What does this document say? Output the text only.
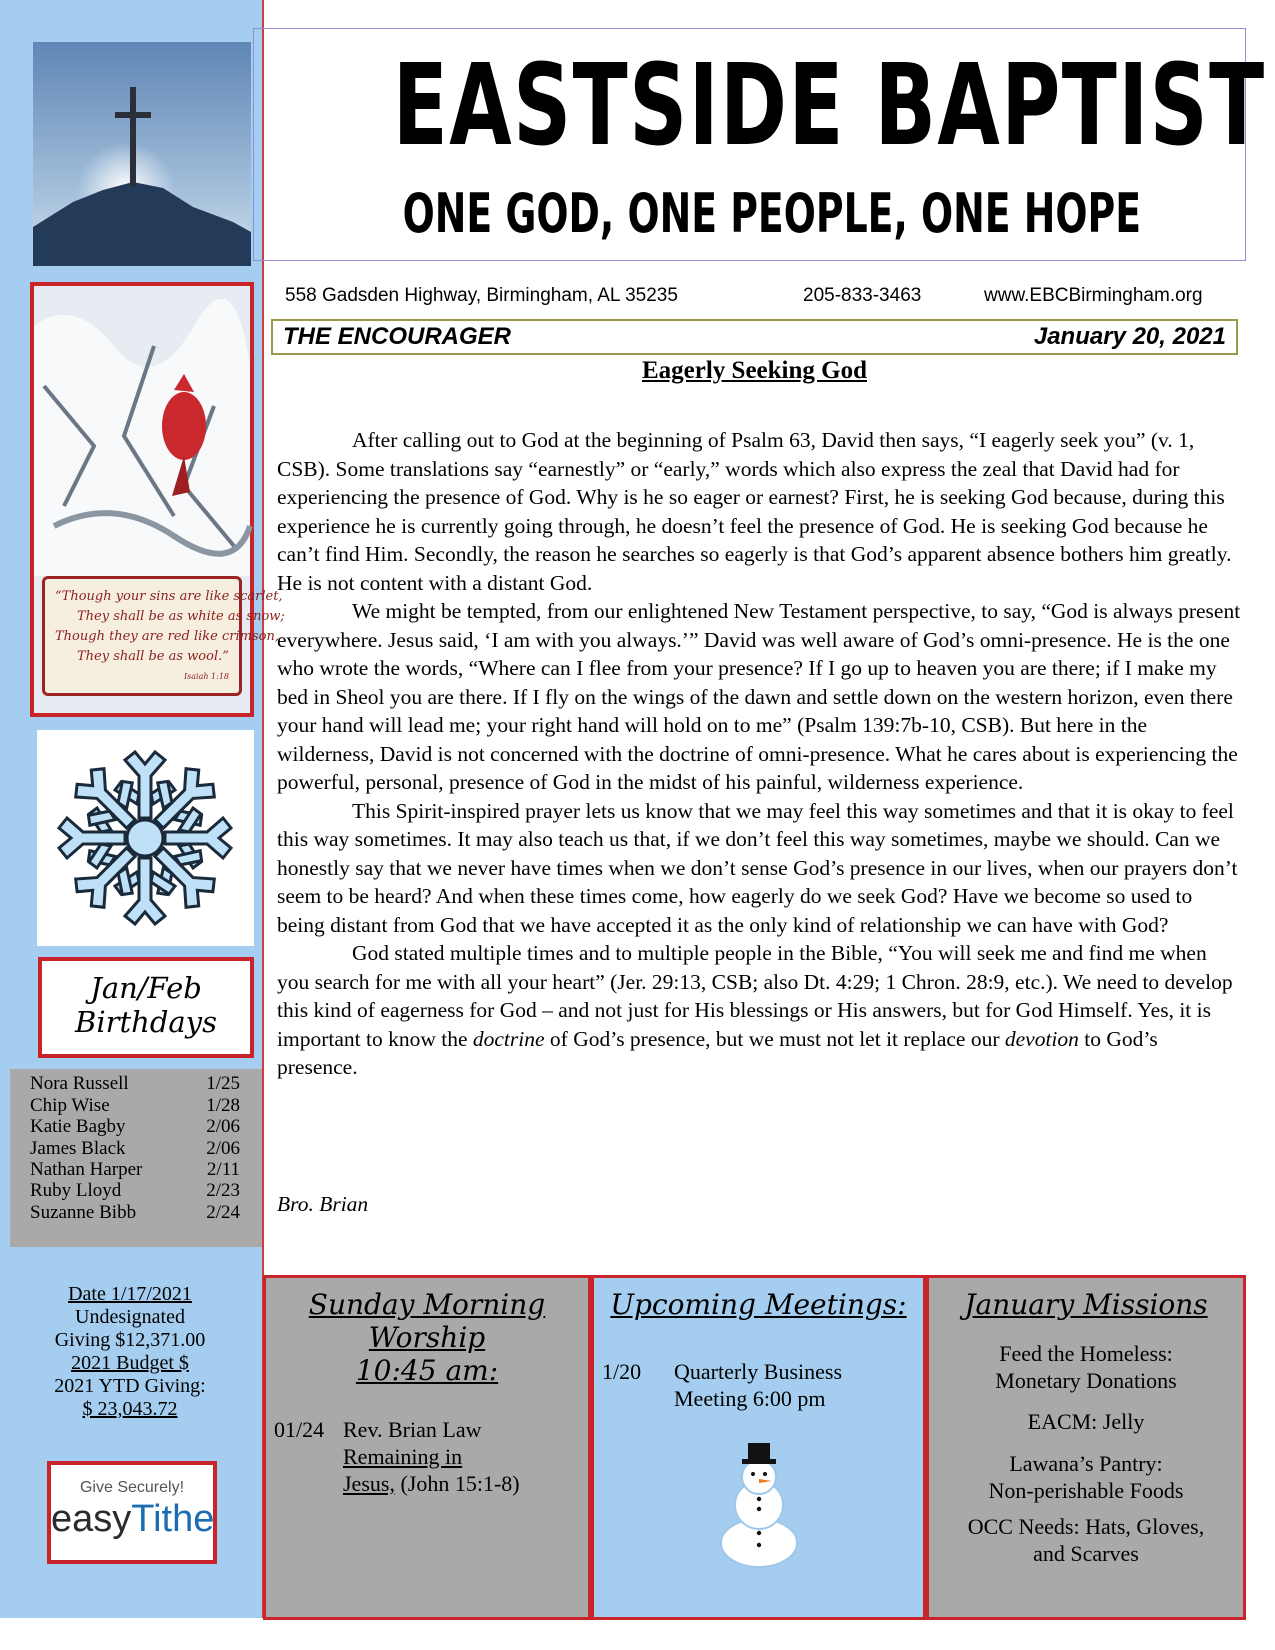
“Though your sins are like scarlet,
They shall be as white as snow;
Though they are red like crimson,
They shall be as wool.”
Isaiah 1:18
Jan/Feb
Birthdays
Nora Russell	1/25
Chip Wise	1/28
Katie Bagby	2/06
James Black	2/06
Nathan Harper	2/11
Ruby Lloyd	2/23
Suzanne Bibb	2/24
Date 1/17/2021
Undesignated
Giving $12,371.00
2021 Budget $
2021 YTD Giving:
$ 23,043.72
Give Securely!
easyTithe
EASTSIDE BAPTIST
ONE GOD, ONE PEOPLE, ONE HOPE
558 Gadsden Highway, Birmingham, AL 35235	205-833-3463	www.EBCBirmingham.org
THE ENCOURAGER	January 20, 2021
Eagerly Seeking God

After calling out to God at the beginning of Psalm 63, David then says, “I eagerly seek you” (v. 1, CSB). Some translations say “earnestly” or “early,” words which also express the zeal that David had for experiencing the presence of God. Why is he so eager or earnest? First, he is seeking God because, during this experience he is currently going through, he doesn’t feel the presence of God. He is seeking God because he can’t find Him. Secondly, the reason he searches so eagerly is that God’s apparent absence bothers him greatly. He is not content with a distant God.

We might be tempted, from our enlightened New Testament perspective, to say, “God is always present everywhere. Jesus said, ‘I am with you always.’” David was well aware of God’s omni-presence. He is the one who wrote the words, “Where can I flee from your presence? If I go up to heaven you are there; if I make my bed in Sheol you are there. If I fly on the wings of the dawn and settle down on the western horizon, even there your hand will lead me; your right hand will hold on to me” (Psalm 139:7b-10, CSB). But here in the wilderness, David is not concerned with the doctrine of omni-presence. What he cares about is experiencing the powerful, personal, presence of God in the midst of his painful, wilderness experience.

This Spirit-inspired prayer lets us know that we may feel this way sometimes and that it is okay to feel this way sometimes. It may also teach us that, if we don’t feel this way sometimes, maybe we should. Can we honestly say that we never have times when we don’t sense God’s presence in our lives, when our prayers don’t seem to be heard? And when these times come, how eagerly do we seek God? Have we become so used to being distant from God that we have accepted it as the only kind of relationship we can have with God?

God stated multiple times and to multiple people in the Bible, “You will seek me and find me when you search for me with all your heart” (Jer. 29:13, CSB; also Dt. 4:29; 1 Chron. 28:9, etc.). We need to develop this kind of eagerness for God – and not just for His blessings or His answers, but for God Himself. Yes, it is important to know the doctrine of God’s presence, but we must not let it replace our devotion to God’s presence.

Bro. Brian
Sunday Morning
Worship
10:45 am:
01/24 Rev. Brian Law
Remaining in
Jesus, (John 15:1-8)
Upcoming Meetings:
1/20 Quarterly Business
Meeting 6:00 pm
January Missions
Feed the Homeless:
Monetary Donations
EACM: Jelly
Lawana’s Pantry:
Non-perishable Foods
OCC Needs: Hats, Gloves,
and Scarves
